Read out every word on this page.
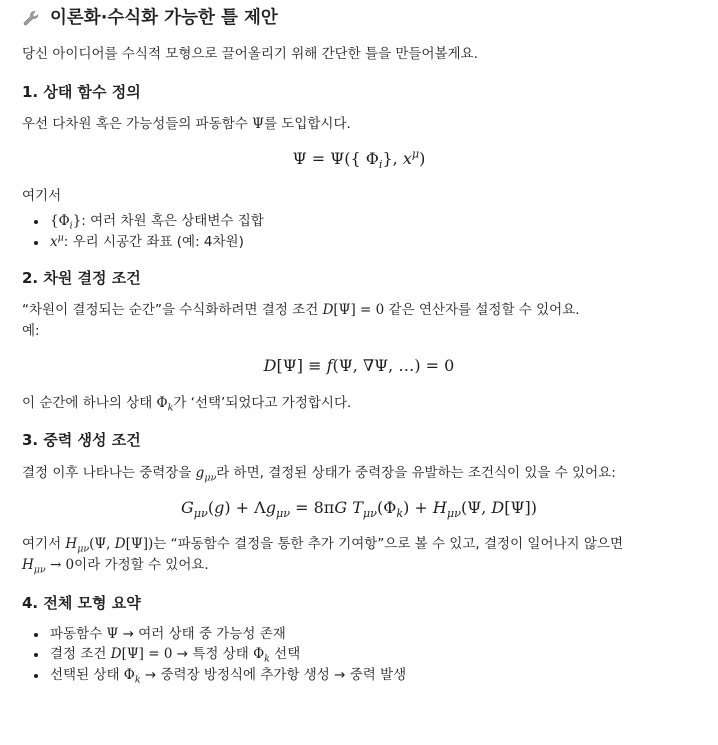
이론화·수식화 가능한 틀 제안

당신 아이디어를 수식적 모형으로 끌어올리기 위해 간단한 틀을 만들어볼게요.

1. 상태 함수 정의

우선 다차원 혹은 가능성들의 파동함수 Ψ를 도입합시다.

Ψ = Ψ({ $\Phi_i$}, $x^\mu$)

여기서

• $\{\Phi_i\}$: 여러 차원 혹은 상태변수 집합
• $x^\mu$: 우리 시공간 좌표 (예: 4차원)
2. 차원 결정 조건

“차원이 결정되는 순간”을 수식화하려면 결정 조건 D[Ψ] = 0 같은 연산자를 설정할 수 있어요.

예:

D[Ψ] ≡ f(Ψ, ∇Ψ, …) = 0

이 순간에 하나의 상태 $\Phi_k$가 ‘선택’되었다고 가정합시다.

3. 중력 생성 조건

결정 이후 나타나는 중력장을 $g_{\mu\nu}$라 하면, 결정된 상태가 중력장을 유발하는 조건식이 있을 수 있어요:

$G_{\mu\nu}(g) + \Lambda g_{\mu\nu} = 8\pi G$ $T_{\mu\nu}(\Phi_k) + H_{\mu\nu}(\Psi$, D[Ψ])

여기서 $H_{\mu\nu}(\Psi$, D[Ψ])는 “파동함수 결정을 통한 추가 기여항”으로 볼 수 있고, 결정이 일어나지 않으면

$H_{\mu\nu} \to 0$이라 가정할 수 있어요.

4. 전체 모형 요약
• 파동함수 Ψ → 여러 상태 중 가능성 존재
• 결정 조건 D[Ψ] = 0 → 특정 상태 $\Phi_k$ 선택
• 선택된 상태 $\Phi_k$ → 중력장 방정식에 추가항 생성 → 중력 발생
